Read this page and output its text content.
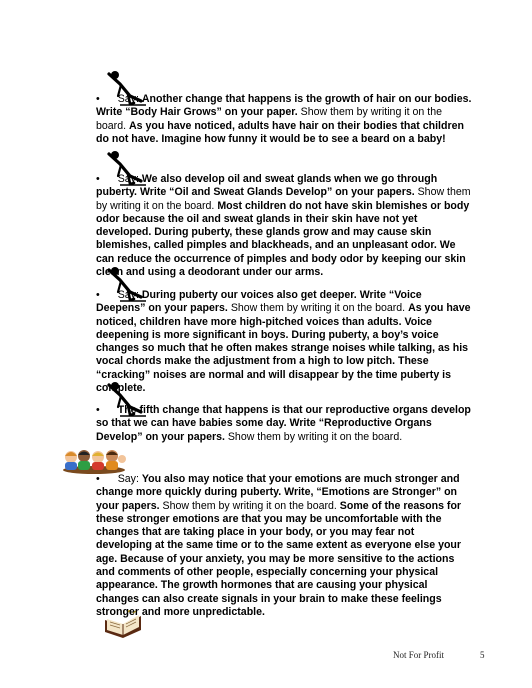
• Say: Another change that happens is the growth of hair on our bodies. Write “Body Hair Grows” on your paper. Show them by writing it on the board. As you have noticed, adults have hair on their bodies that children do not have. Imagine how funny it would be to see a beard on a baby!
• Say: We also develop oil and sweat glands when we go through puberty. Write “Oil and Sweat Glands Develop” on your papers. Show them by writing it on the board. Most children do not have skin blemishes or body odor because the oil and sweat glands in their skin have not yet developed. During puberty, these glands grow and may cause skin blemishes, called pimples and blackheads, and an unpleasant odor. We can reduce the occurrence of pimples and body odor by keeping our skin clean and using a deodorant under our arms.
• Say: During puberty our voices also get deeper. Write “Voice Deepens” on your papers. Show them by writing it on the board. As you have noticed, children have more high-pitched voices than adults. Voice deepening is more significant in boys. During puberty, a boy’s voice changes so much that he often makes strange noises while talking, as his vocal chords make the adjustment from a high to low pitch. These “cracking” noises are normal and will disappear by the time puberty is complete.
• The fifth change that happens is that our reproductive organs develop so that we can have babies some day. Write “Reproductive Organs Develop” on your papers. Show them by writing it on the board.
• Say: You also may notice that your emotions are much stronger and change more quickly during puberty. Write, “Emotions are Stronger” on your papers. Show them by writing it on the board. Some of the reasons for these stronger emotions are that you may be uncomfortable with the changes that are taking place in your body, or you may fear not developing at the same time or to the same extent as everyone else your age. Because of your anxiety, you may be more sensitive to the actions and comments of other people, especially concerning your physical appearance. The growth hormones that are causing your physical changes can also create signals in your brain to make these feelings stronger and more unpredictable.
Not For Profit	5
